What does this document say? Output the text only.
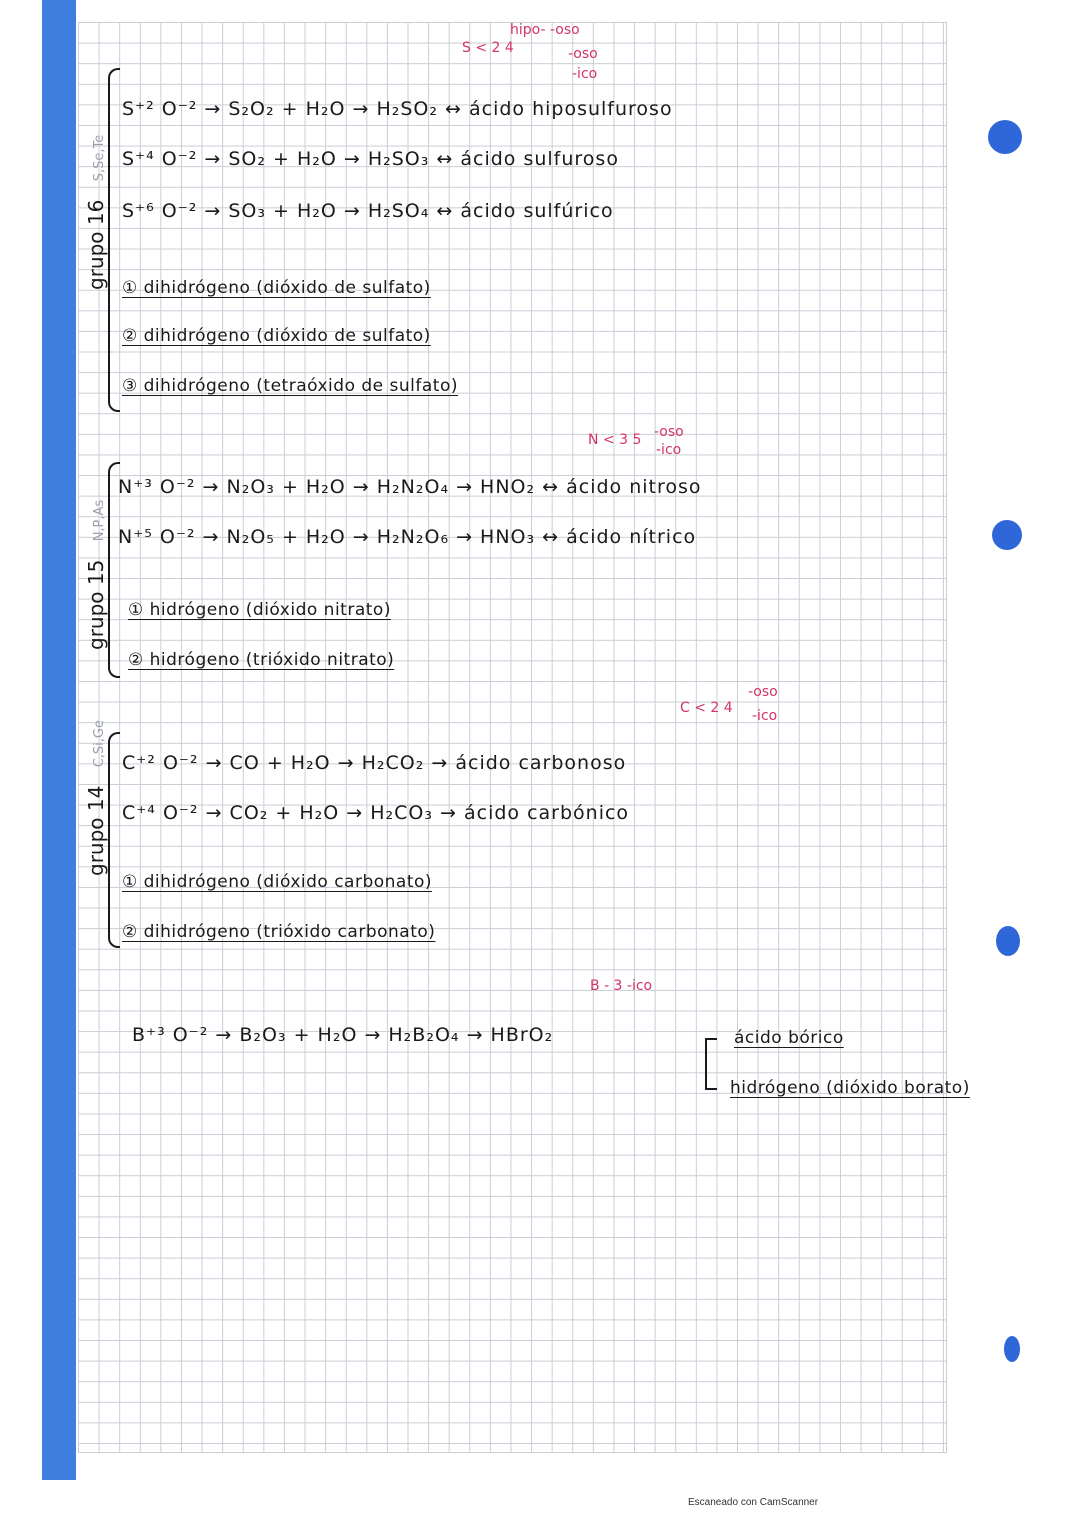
grupo 16 S,Se,Te
S < 2 4
hipo- -oso
-oso
-ico
S⁺² O⁻² → S₂O₂ + H₂O → H₂SO₂ ↔ ácido hiposulfuroso
S⁺⁴ O⁻² → SO₂ + H₂O → H₂SO₃ ↔ ácido sulfuroso
S⁺⁶ O⁻² → SO₃ + H₂O → H₂SO₄ ↔ ácido sulfúrico
① dihidrógeno (dióxido de sulfato)
② dihidrógeno (dióxido de sulfato)
③ dihidrógeno (tetraóxido de sulfato)
grupo 15 N,P,As
N < 3 5 -oso
-ico
N⁺³ O⁻² → N₂O₃ + H₂O → H₂N₂O₄ → HNO₂ ↔ ácido nitroso
N⁺⁵ O⁻² → N₂O₅ + H₂O → H₂N₂O₆ → HNO₃ ↔ ácido nítrico
① hidrógeno (dióxido nitrato)
② hidrógeno (trióxido nitrato)
grupo 14 C,Si,Ge
C < 2 4
-oso
-ico
C⁺² O⁻² → CO + H₂O → H₂CO₂ → ácido carbonoso
C⁺⁴ O⁻² → CO₂ + H₂O → H₂CO₃ → ácido carbónico
① dihidrógeno (dióxido carbonato)
② dihidrógeno (trióxido carbonato)
B - 3 -ico
B⁺³ O⁻² → B₂O₃ + H₂O → H₂B₂O₄ → HBrO₂	ácido bórico
hidrógeno (dióxido borato)
Escaneado con CamScanner
